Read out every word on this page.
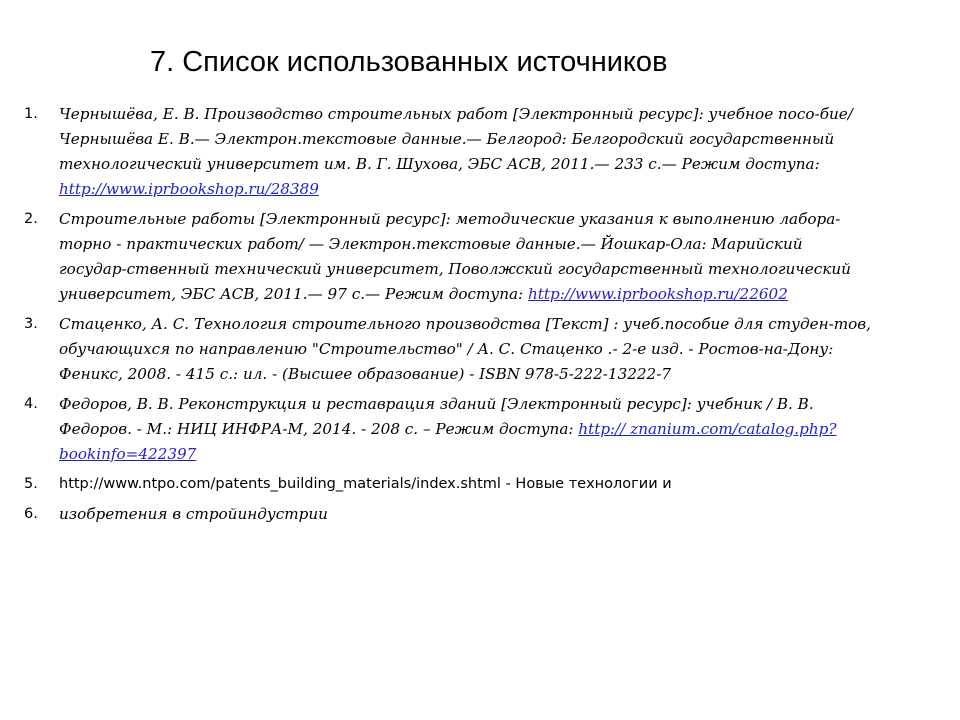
7. Список использованных источников
1.	Чернышёва, Е. В. Производство строительных работ [Электронный ресурс]: учебное посо-бие/ Чернышёва Е. В.— Электрон.текстовые данные.— Белгород: Белгородский государственный технологический университет им. В. Г. Шухова, ЭБС АСВ, 2011.— 233 с.— Режим доступа: http://www.iprbookshop.ru/28389
2.	Строительные работы [Электронный ресурс]: методические указания к выполнению лабора-торно - практических работ/ — Электрон.текстовые данные.— Йошкар-Ола: Марийский государ-ственный технический университет, Поволжский государственный технологический университет, ЭБС АСВ, 2011.— 97 с.— Режим доступа: http://www.iprbookshop.ru/22602
3.	Стаценко, А. С. Технология строительного производства [Текст] : учеб.пособие для студен-тов, обучающихся по направлению "Строительство" / А. С. Стаценко .- 2-е изд. - Ростов-на-Дону: Феникс, 2008. - 415 с.: ил. - (Высшее образование) - ISBN 978-5-222-13222-7
4.	Федоров, В. В. Реконструкция и реставрация зданий [Электронный ресурс]: учебник / В. В. Федоров. - М.: НИЦ ИНФРА-М, 2014. - 208 с. – Режим доступа: http:// znanium.com/catalog.php?bookinfo=422397
5.	http://www.ntpo.com/patents_building_materials/index.shtml - Новые технологии и
6.	изобретения в стройиндустрии
